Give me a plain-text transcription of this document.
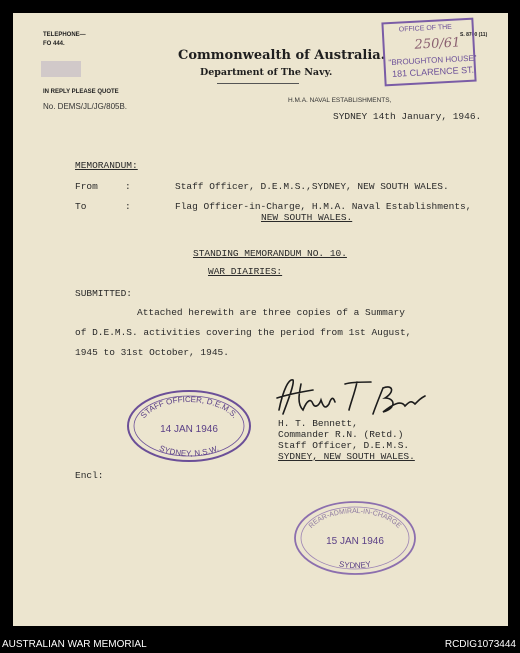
TELEPHONE—
FO 444.
IN REPLY PLEASE QUOTE
No. DEMS/JL/JG/805B.
Commonwealth of Australia.
Department of The Navy.
H.M.A. NAVAL ESTABLISHMENTS,
SYDNEY 14th January, 1946.
S. 8700 (11)
OFFICE OF THE
250/61
"BROUGHTON HOUSE"
181 CLARENCE ST.
MEMORANDUM:
From	:	Staff Officer, D.E.M.S.,SYDNEY, NEW SOUTH WALES.
To	:	Flag Officer-in-Charge, H.M.A. Naval Establishments,
NEW SOUTH WALES.
STANDING MEMORANDUM NO. 10.
WAR DIAIRIES:
SUBMITTED:
Attached herewith are three copies of a Summary
of D.E.M.S. activities covering the period from 1st August,
1945 to 31st October, 1945.
H. T. Bennett,
Commander R.N. (Retd.)
Staff Officer, D.E.M.S.
SYDNEY, NEW SOUTH WALES.
STAFF OFFICER, D.E.M.S.
14 JAN 1946
SYDNEY, N.S.W.
Encl:
REAR-ADMIRAL-IN-CHARGE
15 JAN 1946
SYDNEY
AUSTRALIAN WAR MEMORIAL	RCDIG1073444
